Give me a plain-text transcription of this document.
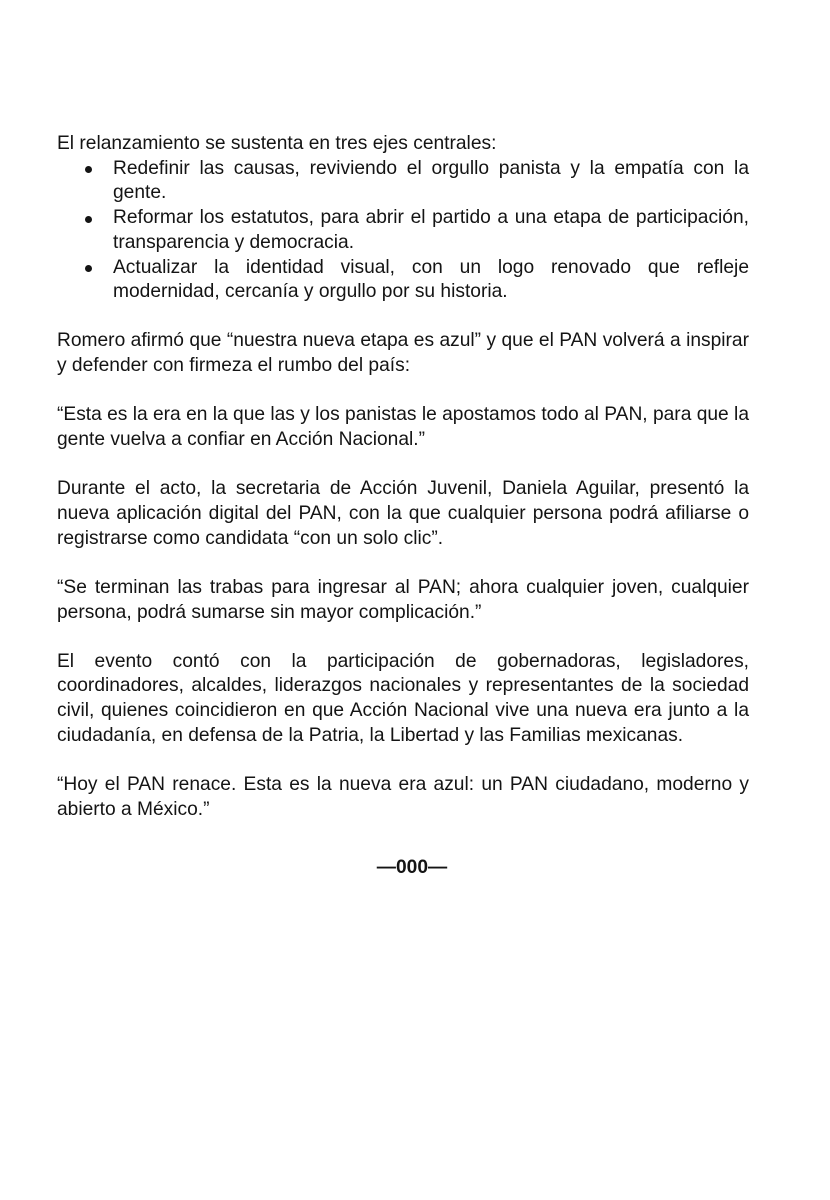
El relanzamiento se sustenta en tres ejes centrales:

Redefinir las causas, reviviendo el orgullo panista y la empatía con la gente.
Reformar los estatutos, para abrir el partido a una etapa de participación, transparencia y democracia.
Actualizar la identidad visual, con un logo renovado que refleje modernidad, cercanía y orgullo por su historia.

Romero afirmó que “nuestra nueva etapa es azul” y que el PAN volverá a inspirar y defender con firmeza el rumbo del país:

“Esta es la era en la que las y los panistas le apostamos todo al PAN, para que la gente vuelva a confiar en Acción Nacional.”

Durante el acto, la secretaria de Acción Juvenil, Daniela Aguilar, presentó la nueva aplicación digital del PAN, con la que cualquier persona podrá afiliarse o registrarse como candidata “con un solo clic”.

“Se terminan las trabas para ingresar al PAN; ahora cualquier joven, cualquier persona, podrá sumarse sin mayor complicación.”

El evento contó con la participación de gobernadoras, legisladores, coordinadores, alcaldes, liderazgos nacionales y representantes de la sociedad civil, quienes coincidieron en que Acción Nacional vive una nueva era junto a la ciudadanía, en defensa de la Patria, la Libertad y las Familias mexicanas.

“Hoy el PAN renace. Esta es la nueva era azul: un PAN ciudadano, moderno y abierto a México.”

—000—
